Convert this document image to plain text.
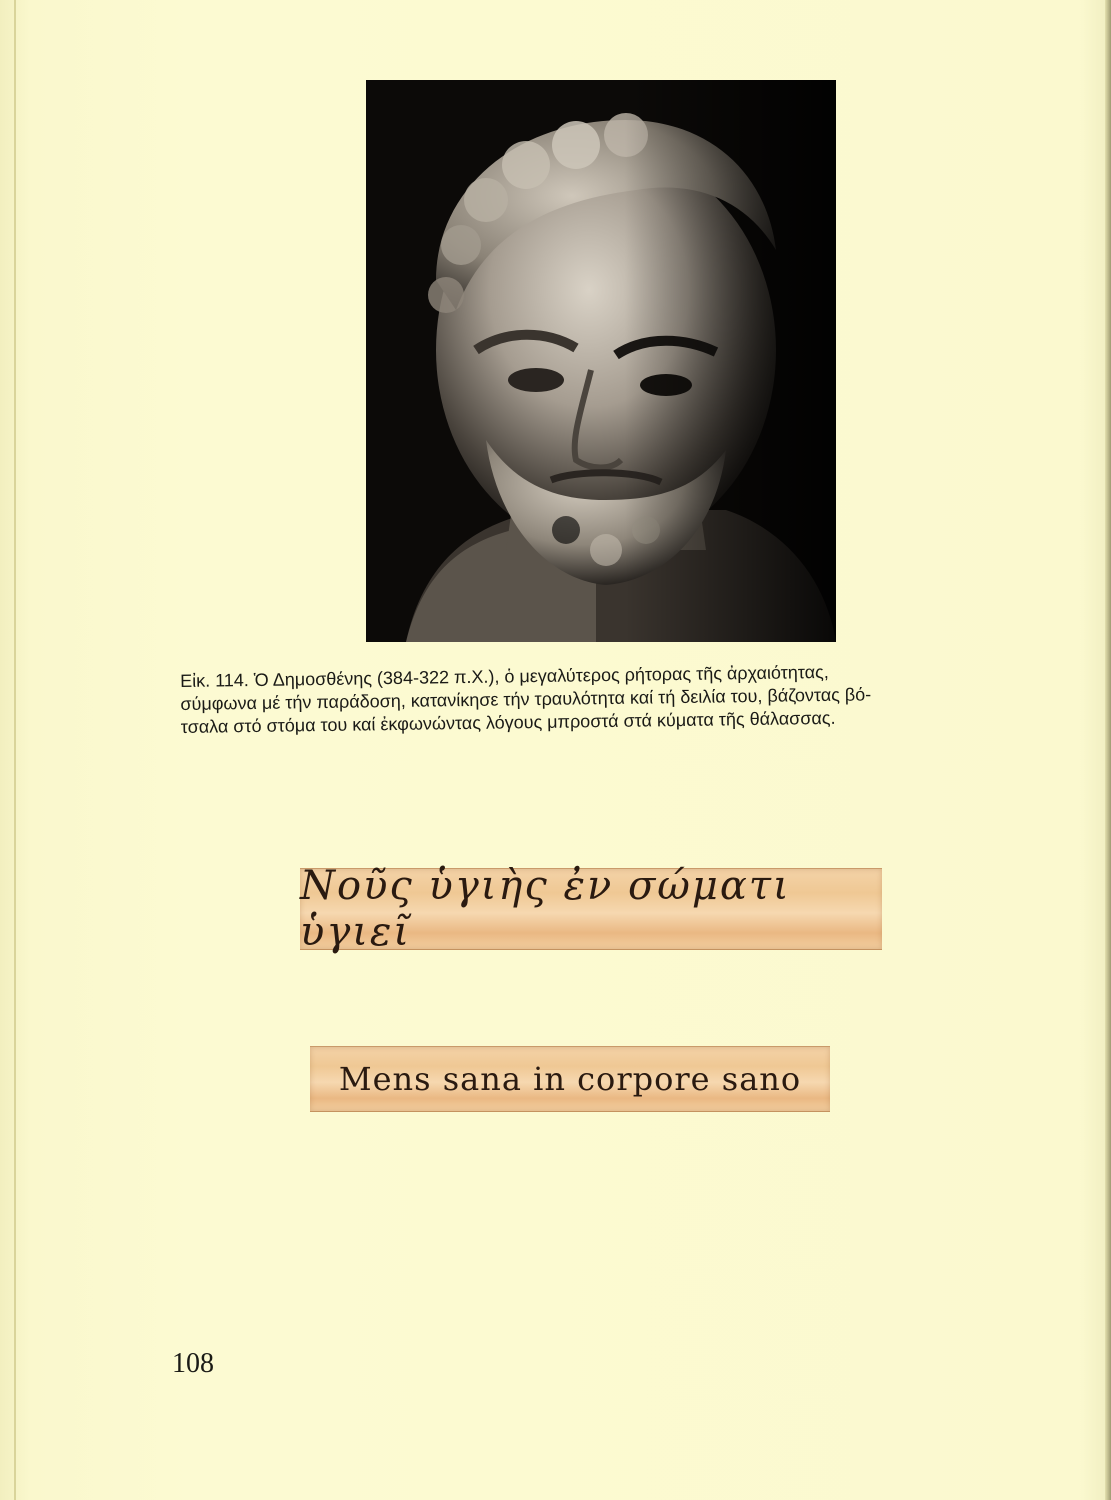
Εἰκ. 114. Ὁ Δημοσθένης (384-322 π.Χ.), ὁ μεγαλύτερος ρήτορας τῆς ἀρχαιότητας,
σύμφωνα μέ τήν παράδοση, κατανίκησε τήν τραυλότητα καί τή δειλία του, βάζοντας βό-
τσαλα στό στόμα του καί ἐκφωνώντας λόγους μπροστά στά κύματα τῆς θάλασσας.
Νοῦς ὑγιὴς ἐν σώματι ὑγιεῖ
Mens sana in corpore sano
108
